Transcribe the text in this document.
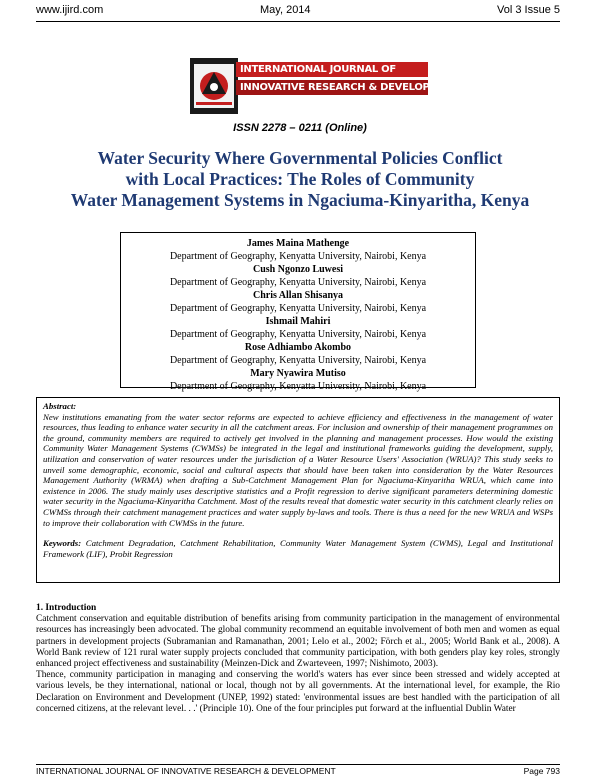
www.ijird.com	May, 2014	Vol 3 Issue 5
INTERNATIONAL JOURNAL OF
INNOVATIVE RESEARCH & DEVELOPMENT
ISSN 2278 – 0211 (Online)
Water Security Where Governmental Policies Conflict
with Local Practices: The Roles of Community
Water Management Systems in Ngaciuma-Kinyaritha, Kenya
James Maina Mathenge
Department of Geography, Kenyatta University, Nairobi, Kenya
Cush Ngonzo Luwesi
Department of Geography, Kenyatta University, Nairobi, Kenya
Chris Allan Shisanya
Department of Geography, Kenyatta University, Nairobi, Kenya
Ishmail Mahiri
Department of Geography, Kenyatta University, Nairobi, Kenya
Rose Adhiambo Akombo
Department of Geography, Kenyatta University, Nairobi, Kenya
Mary Nyawira Mutiso
Department of Geography, Kenyatta University, Nairobi, Kenya
Abstract:
New institutions emanating from the water sector reforms are expected to achieve efficiency and effectiveness in the management of water resources, thus leading to enhance water security in all the catchment areas. For inclusion and ownership of their management programmes on the ground, community members are required to actively get involved in the planning and management processes. How would the existing Community Water Management Systems (CWMSs) be integrated in the legal and institutional frameworks guiding the development, supply, utilization and conservation of water resources under the jurisdiction of a Water Resource Users' Association (WRUA)? This study seeks to unveil some demographic, economic, social and cultural aspects that should have been taken into consideration by the Water Resources Management Authority (WRMA) when drafting a Sub-Catchment Management Plan for Ngaciuma-Kinyaritha WRUA, which came into existence in 2006. The study mainly uses descriptive statistics and a Profit regression to derive significant parameters determining domestic water security in the Ngaciuma-Kinyaritha Catchment. Most of the results reveal that domestic water security in this catchment clearly relies on CWMSs through their catchment management practices and water supply by-laws and tools. There is thus a need for the new WRUA and WSPs to improve their collaboration with CWMSs in the future.
Keywords: Catchment Degradation, Catchment Rehabilitation, Community Water Management System (CWMS), Legal and Institutional Framework (LIF), Probit Regression
1. Introduction
Catchment conservation and equitable distribution of benefits arising from community participation in the management of environmental resources has increasingly been advocated. The global community recommend an equitable involvement of both men and women as equal partners in development projects (Subramanian and Ramanathan, 2001; Lelo et al., 2002; Förch et al., 2005; World Bank et al., 2008). A World Bank review of 121 rural water supply projects concluded that community participation, with both genders play key roles, strongly enhanced project effectiveness and sustainability (Meinzen-Dick and Zwarteveen, 1997; Nishimoto, 2003).
Thence, community participation in managing and conserving the world's waters has ever since been stressed and widely accepted at various levels, be they international, national or local, though not by all governments. At the international level, for example, the Rio Declaration on Environment and Development (UNEP, 1992) stated: 'environmental issues are best handled with the participation of all concerned citizens, at the relevant level. . .' (Principle 10). One of the four principles put forward at the influential Dublin Water
INTERNATIONAL JOURNAL OF INNOVATIVE RESEARCH & DEVELOPMENT	Page 793
